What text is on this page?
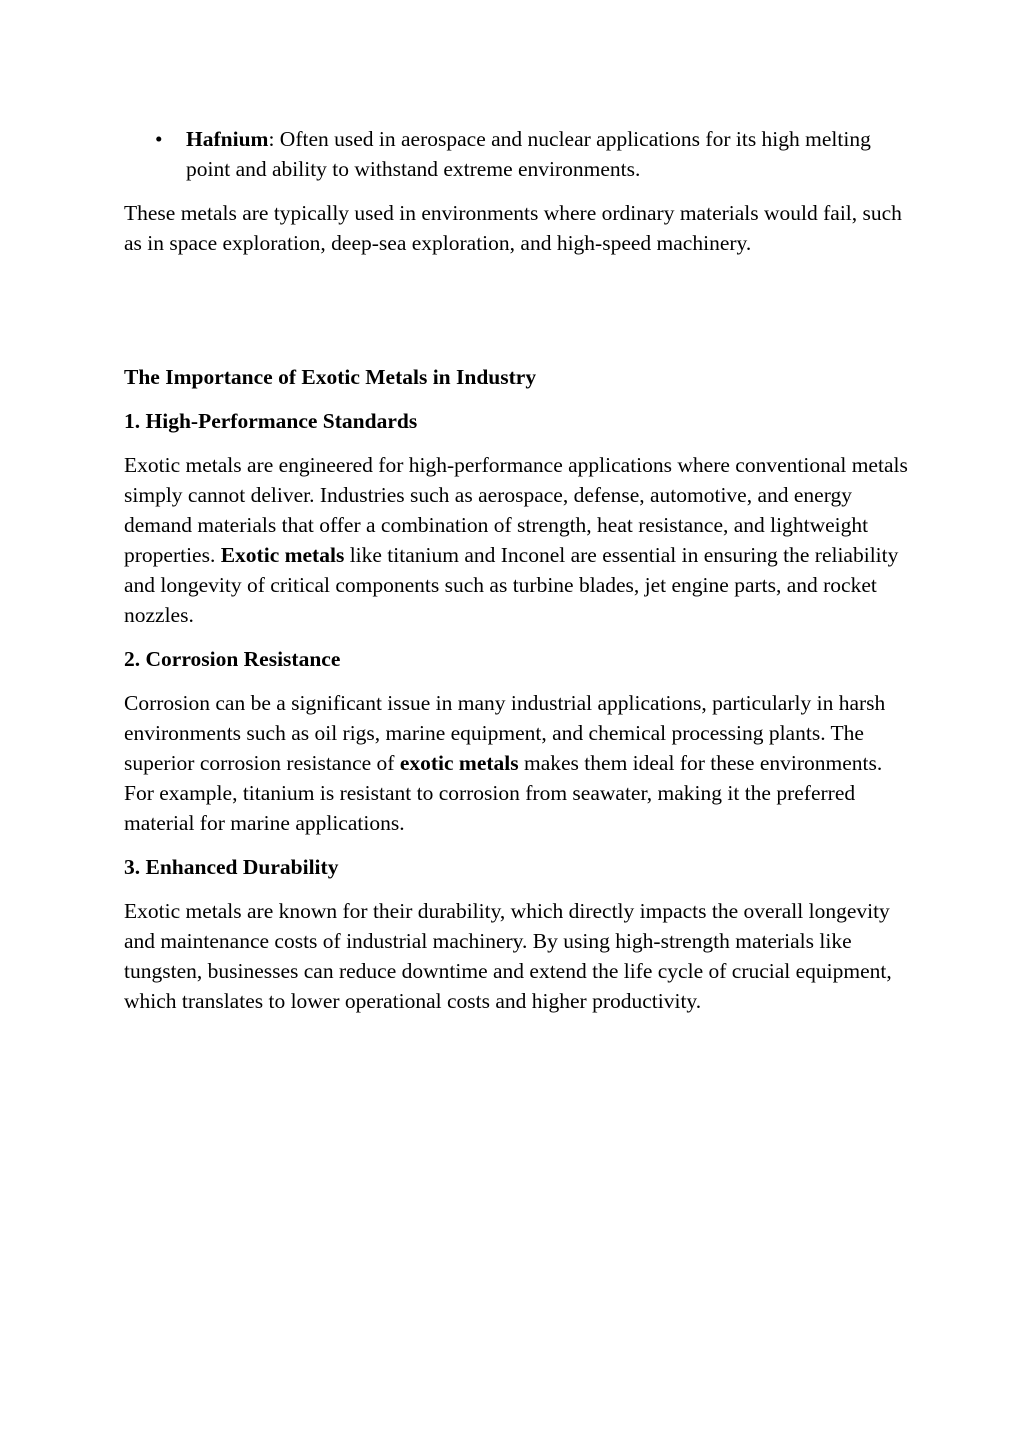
• Hafnium: Often used in aerospace and nuclear applications for its high melting point and ability to withstand extreme environments.

These metals are typically used in environments where ordinary materials would fail, such as in space exploration, deep-sea exploration, and high-speed machinery.

The Importance of Exotic Metals in Industry
1. High-Performance Standards

Exotic metals are engineered for high-performance applications where conventional metals simply cannot deliver. Industries such as aerospace, defense, automotive, and energy demand materials that offer a combination of strength, heat resistance, and lightweight properties. Exotic metals like titanium and Inconel are essential in ensuring the reliability and longevity of critical components such as turbine blades, jet engine parts, and rocket nozzles.

2. Corrosion Resistance

Corrosion can be a significant issue in many industrial applications, particularly in harsh environments such as oil rigs, marine equipment, and chemical processing plants. The superior corrosion resistance of exotic metals makes them ideal for these environments. For example, titanium is resistant to corrosion from seawater, making it the preferred material for marine applications.

3. Enhanced Durability

Exotic metals are known for their durability, which directly impacts the overall longevity and maintenance costs of industrial machinery. By using high-strength materials like tungsten, businesses can reduce downtime and extend the life cycle of crucial equipment, which translates to lower operational costs and higher productivity.
